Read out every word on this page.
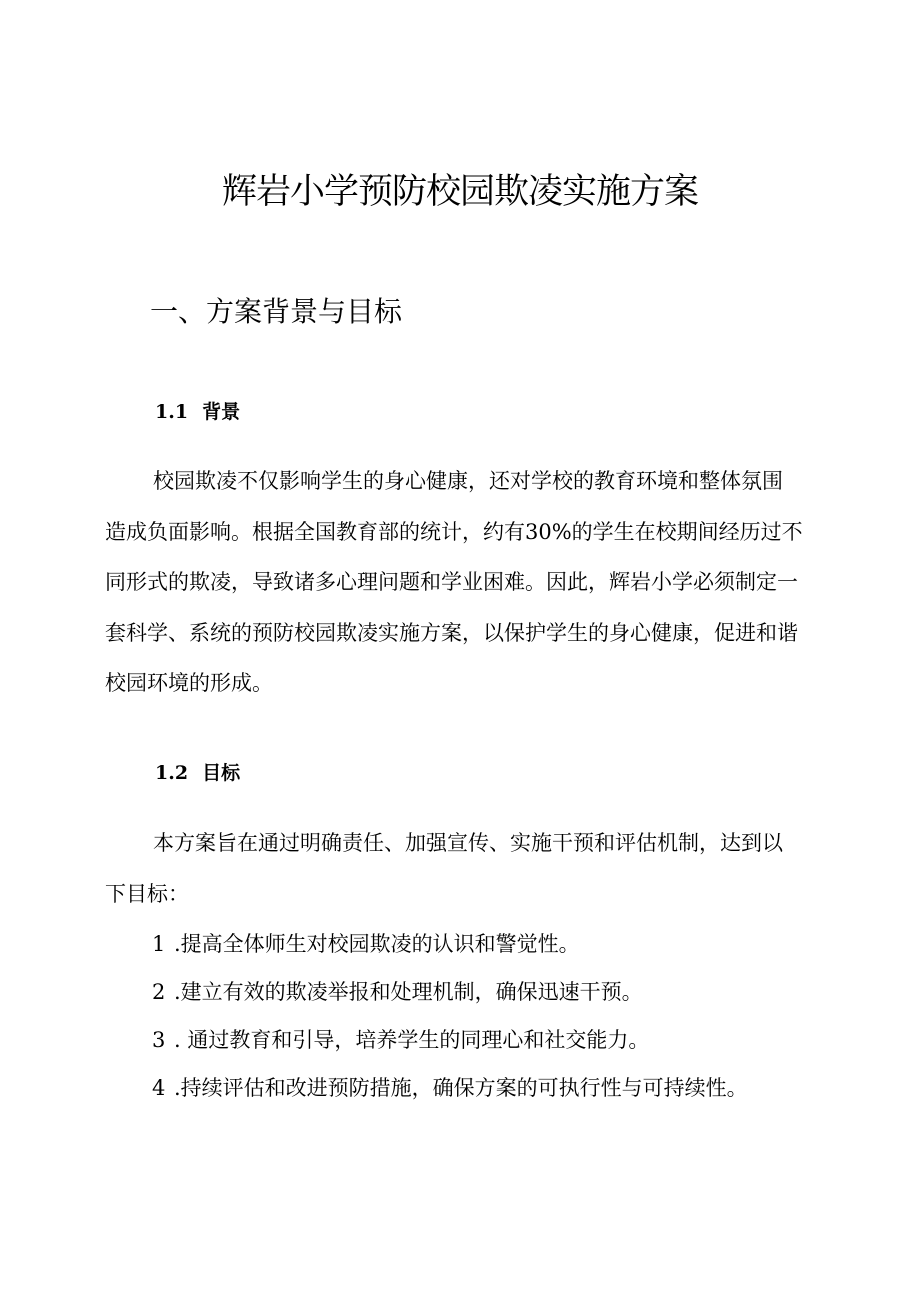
辉岩小学预防校园欺凌实施方案
一、方案背景与目标
1.1 背景
校园欺凌不仅影响学生的身心健康，还对学校的教育环境和整体氛围
造成负面影响。根据全国教育部的统计，约有30%的学生在校期间经历过不
同形式的欺凌，导致诸多心理问题和学业困难。因此，辉岩小学必须制定一
套科学、系统的预防校园欺凌实施方案，以保护学生的身心健康，促进和谐
校园环境的形成。
1.2 目标
本方案旨在通过明确责任、加强宣传、实施干预和评估机制，达到以
下目标：
1 .提高全体师生对校园欺凌的认识和警觉性。
2 .建立有效的欺凌举报和处理机制，确保迅速干预。
3 . 通过教育和引导，培养学生的同理心和社交能力。
4 .持续评估和改进预防措施，确保方案的可执行性与可持续性。
